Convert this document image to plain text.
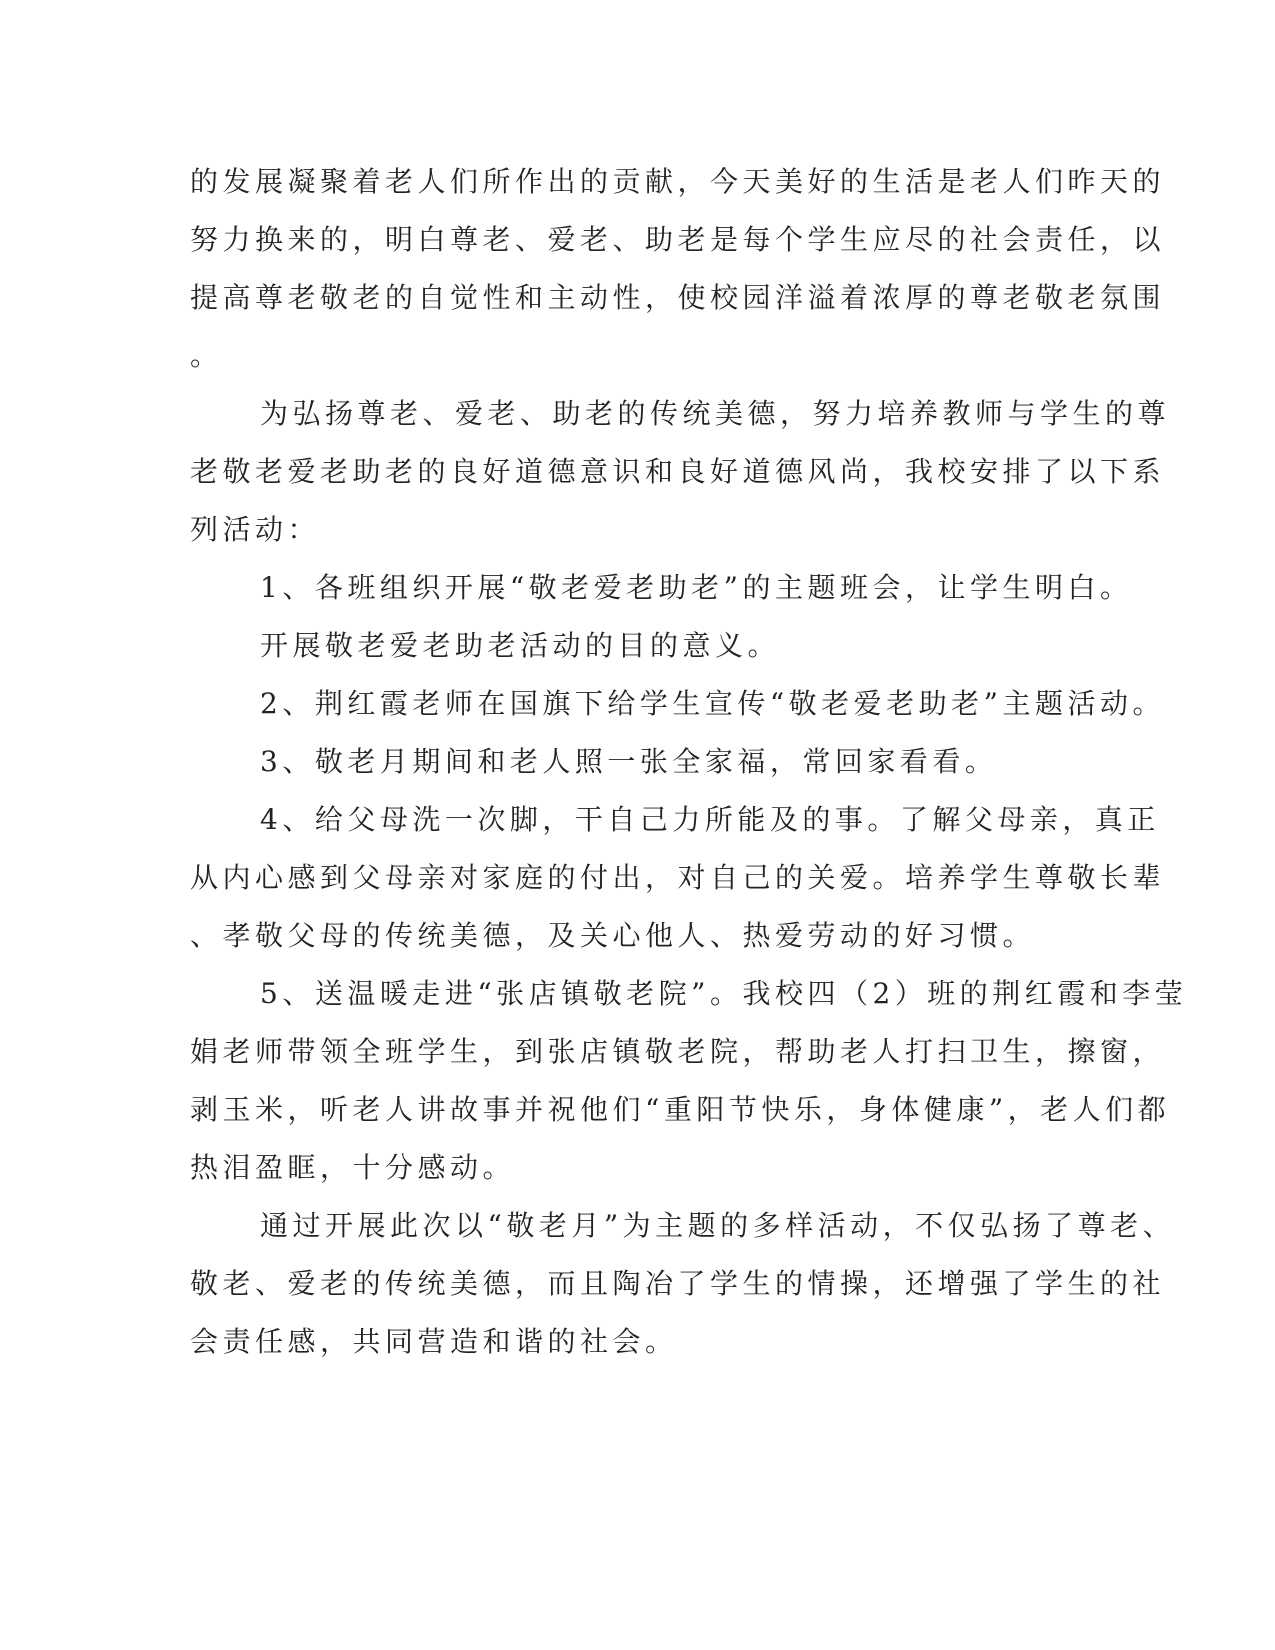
的发展凝聚着老人们所作出的贡献，今天美好的生活是老人们昨天的

努力换来的，明白尊老、爱老、助老是每个学生应尽的社会责任，以

提高尊老敬老的自觉性和主动性，使校园洋溢着浓厚的尊老敬老氛围

。

为弘扬尊老、爱老、助老的传统美德，努力培养教师与学生的尊

老敬老爱老助老的良好道德意识和良好道德风尚，我校安排了以下系

列活动：

1、各班组织开展“敬老爱老助老”的主题班会，让学生明白。

开展敬老爱老助老活动的目的意义。

2、荆红霞老师在国旗下给学生宣传“敬老爱老助老”主题活动。

3、敬老月期间和老人照一张全家福，常回家看看。

4、给父母洗一次脚，干自己力所能及的事。了解父母亲，真正

从内心感到父母亲对家庭的付出，对自己的关爱。培养学生尊敬长辈

、孝敬父母的传统美德，及关心他人、热爱劳动的好习惯。

5、送温暖走进“张店镇敬老院”。我校四（2）班的荆红霞和李莹

娟老师带领全班学生，到张店镇敬老院，帮助老人打扫卫生，擦窗，

剥玉米，听老人讲故事并祝他们“重阳节快乐，身体健康”，老人们都

热泪盈眶，十分感动。

通过开展此次以“敬老月”为主题的多样活动，不仅弘扬了尊老、

敬老、爱老的传统美德，而且陶冶了学生的情操，还增强了学生的社

会责任感，共同营造和谐的社会。
